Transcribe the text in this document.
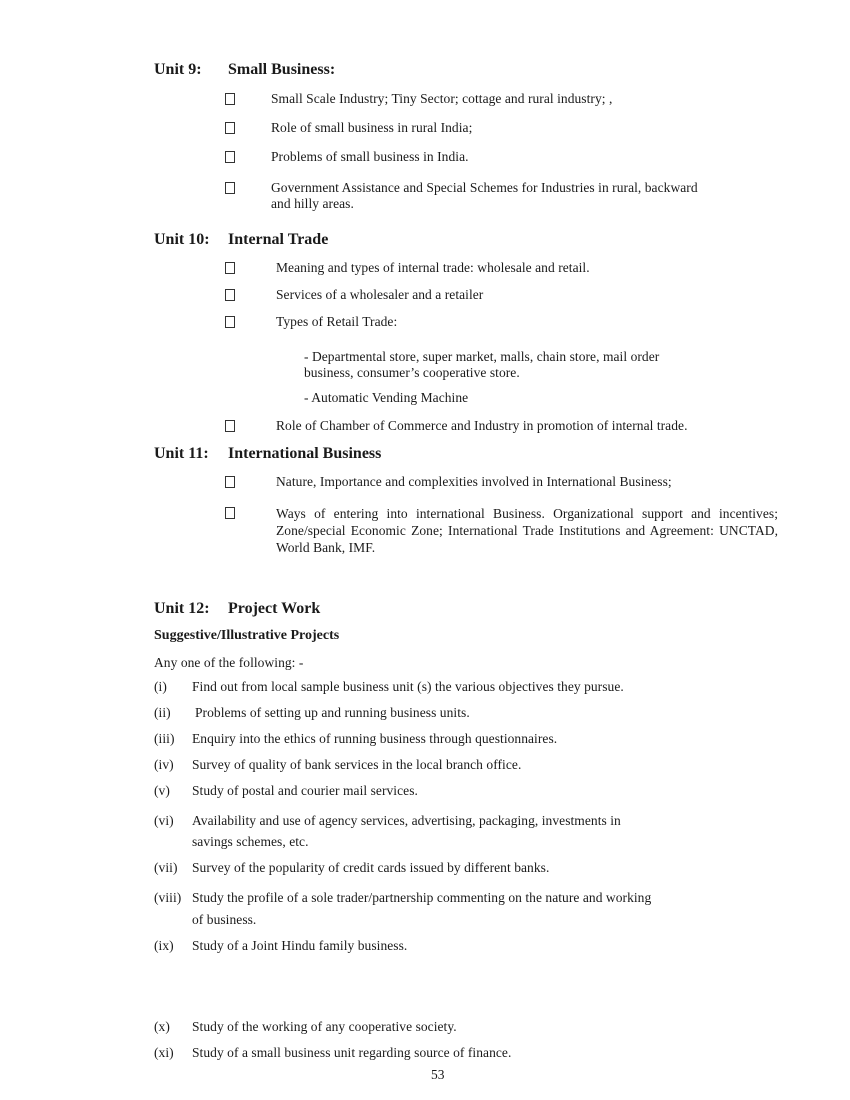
Unit 9: Small Business:
Small Scale Industry; Tiny Sector; cottage and rural industry; ,
Role of small business in rural India;
Problems of small business in India.
Government Assistance and Special Schemes for Industries in rural, backward
and hilly areas.
Unit 10: Internal Trade
Meaning and types of internal trade: wholesale and retail.
Services of a wholesaler and a retailer
Types of Retail Trade:
- Departmental store, super market, malls, chain store, mail order
business, consumer’s cooperative store.
- Automatic Vending Machine
Role of Chamber of Commerce and Industry in promotion of internal trade.
Unit 11: International Business
Nature, Importance and complexities involved in International Business;
Ways of entering into international Business. Organizational support and incentives; Zone/special Economic Zone; International Trade Institutions and Agreement: UNCTAD, World Bank, IMF.
Unit 12: Project Work
Suggestive/Illustrative Projects
Any one of the following: -
(i) Find out from local sample business unit (s) the various objectives they pursue.
(ii) Problems of setting up and running business units.
(iii) Enquiry into the ethics of running business through questionnaires.
(iv) Survey of quality of bank services in the local branch office.
(v) Study of postal and courier mail services.
(vi) Availability and use of agency services, advertising, packaging, investments in
savings schemes, etc.
(vii) Survey of the popularity of credit cards issued by different banks.
(viii) Study the profile of a sole trader/partnership commenting on the nature and working
of business.
(ix) Study of a Joint Hindu family business.
(x) Study of the working of any cooperative society.
(xi) Study of a small business unit regarding source of finance.
53
